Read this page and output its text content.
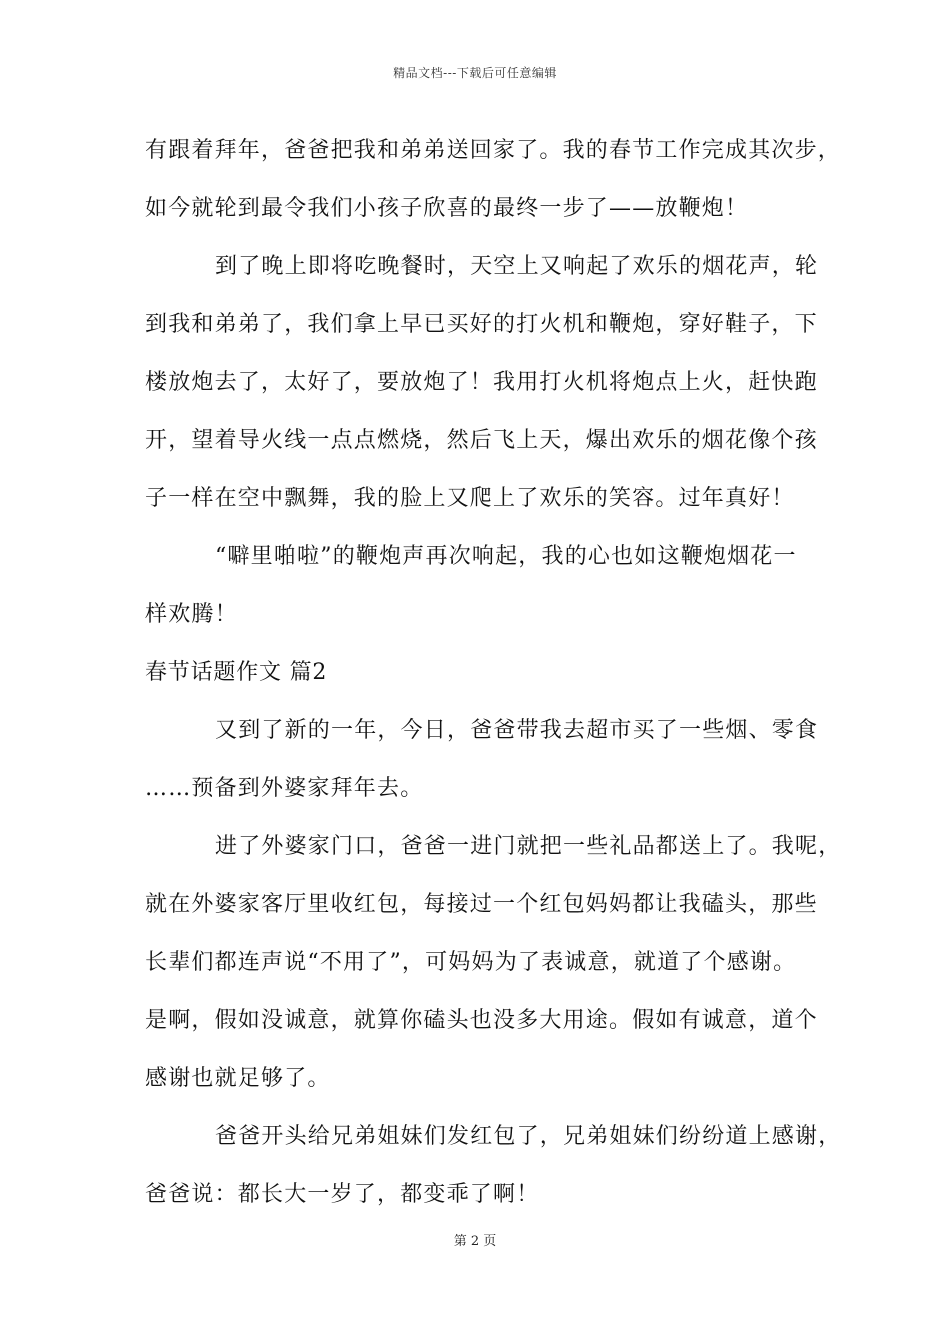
精品文档---下载后可任意编辑
有跟着拜年，爸爸把我和弟弟送回家了。我的春节工作完成其次步，
如今就轮到最令我们小孩子欣喜的最终一步了——放鞭炮！
到了晚上即将吃晚餐时，天空上又响起了欢乐的烟花声，轮
到我和弟弟了，我们拿上早已买好的打火机和鞭炮，穿好鞋子，下
楼放炮去了，太好了，要放炮了！我用打火机将炮点上火，赶快跑
开，望着导火线一点点燃烧，然后飞上天，爆出欢乐的烟花像个孩
子一样在空中飘舞，我的脸上又爬上了欢乐的笑容。过年真好！
“噼里啪啦”的鞭炮声再次响起，我的心也如这鞭炮烟花一
样欢腾！
春节话题作文 篇2
又到了新的一年，今日，爸爸带我去超市买了一些烟、零食
……预备到外婆家拜年去。
进了外婆家门口，爸爸一进门就把一些礼品都送上了。我呢，
就在外婆家客厅里收红包，每接过一个红包妈妈都让我磕头，那些
长辈们都连声说“不用了”，可妈妈为了表诚意，就道了个感谢。
是啊，假如没诚意，就算你磕头也没多大用途。假如有诚意，道个
感谢也就足够了。
爸爸开头给兄弟姐妹们发红包了，兄弟姐妹们纷纷道上感谢，
爸爸说：都长大一岁了，都变乖了啊！
第 2 页
